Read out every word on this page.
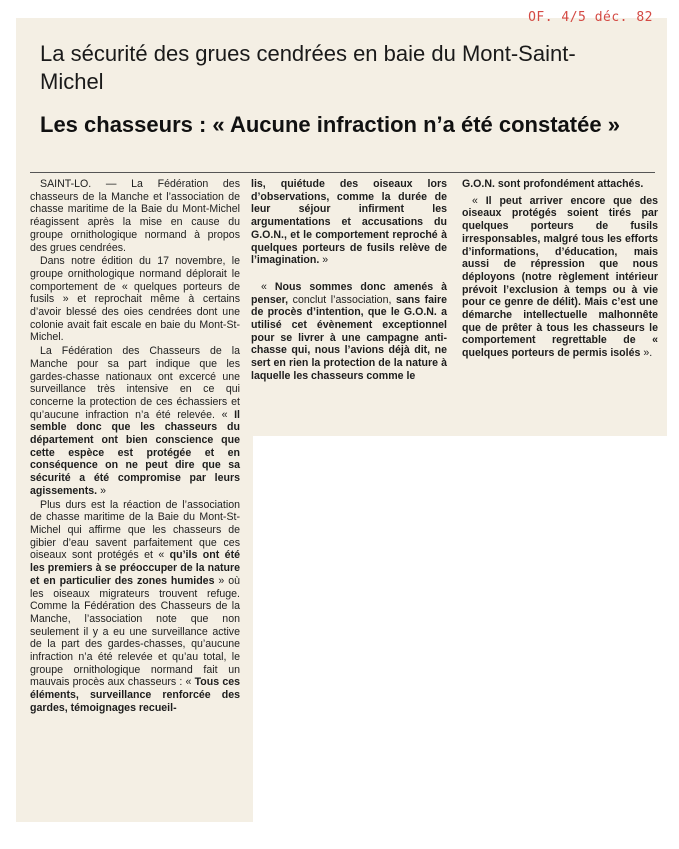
OF. 4/5 déc. 82
La sécurité des grues cendrées en baie du Mont-Saint-Michel
Les chasseurs : « Aucune infraction n’a été constatée »

SAINT-LO. — La Fédération des chasseurs de la Manche et l’association de chasse maritime de la Baie du Mont-Michel réagissent après la mise en cause du groupe ornithologique normand à propos des grues cendrées.

Dans notre édition du 17 novembre, le groupe ornithologique normand déplorait le comportement de « quelques porteurs de fusils » et reprochait même à certains d’avoir blessé des oies cendrées dont une colonie avait fait escale en baie du Mont-St-Michel.

La Fédération des Chasseurs de la Manche pour sa part indique que les gardes-chasse nationaux ont excercé une surveillance très intensive en ce qui concerne la protection de ces échassiers et qu’aucune infraction n’a été relevée. « Il semble donc que les chasseurs du département ont bien conscience que cette espèce est protégée et en conséquence on ne peut dire que sa sécurité a été compromise par leurs agissements. »

Plus durs est la réaction de l’association de chasse maritime de la Baie du Mont-St-Michel qui affirme que les chasseurs de gibier d’eau savent parfaitement que ces oiseaux sont protégés et « qu’ils ont été les premiers à se préoccuper de la nature et en particulier des zones humides » où les oiseaux migrateurs trouvent refuge. Comme la Fédération des Chasseurs de la Manche, l’association note que non seulement il y a eu une surveillance active de la part des gardes-chasses, qu’aucune infraction n’a été relevée et qu’au total, le groupe ornithologique normand fait un mauvais procès aux chasseurs : « Tous ces éléments, surveillance renforcée des gardes, témoignages recueil-

lis, quiétude des oiseaux lors d’observations, comme la durée de leur séjour infirment les argumentations et accusations du G.O.N., et le comportement reproché à quelques porteurs de fusils relève de l’imagination. »

« Nous sommes donc amenés à penser, conclut l’association, sans faire de procès d’intention, que le G.O.N. a utilisé cet évènement exceptionnel pour se livrer à une campagne anti-chasse qui, nous l’avions déjà dit, ne sert en rien la protection de la nature à laquelle les chasseurs comme le

G.O.N. sont profondément attachés.

« Il peut arriver encore que des oiseaux protégés soient tirés par quelques porteurs de fusils irresponsables, malgré tous les efforts d’informations, d’éducation, mais aussi de répression que nous déployons (notre règlement intérieur prévoit l’exclusion à temps ou à vie pour ce genre de délit). Mais c’est une démarche intellectuelle malhonnête que de prêter à tous les chasseurs le comportement regrettable de « quelques porteurs de permis isolés ».
